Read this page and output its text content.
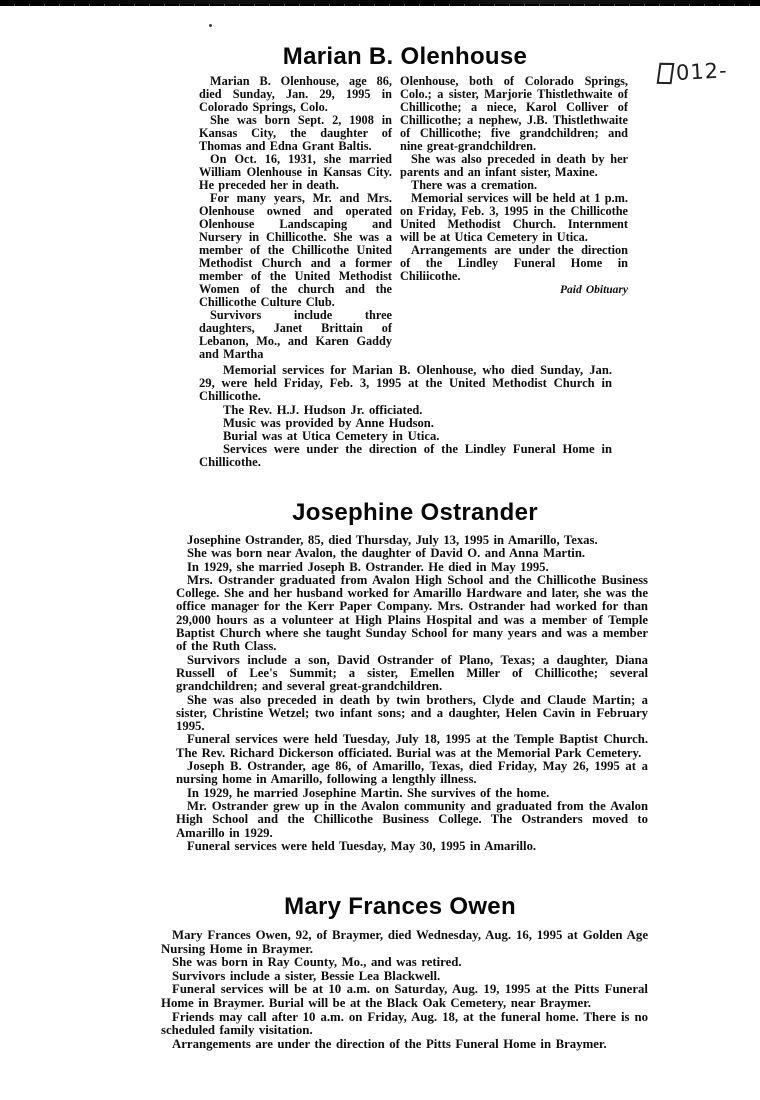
012-
Marian B. Olenhouse

Marian B. Olenhouse, age 86, died Sunday, Jan. 29, 1995 in Colorado Springs, Colo.

She was born Sept. 2, 1908 in Kansas City, the daughter of Thomas and Edna Grant Baltis.

On Oct. 16, 1931, she married William Olenhouse in Kansas City. He preceded her in death.

For many years, Mr. and Mrs. Olenhouse owned and operated Olenhouse Landscaping and Nursery in Chillicothe. She was a member of the Chillicothe United Methodist Church and a former member of the United Methodist Women of the church and the Chillicothe Culture Club.

Survivors include three daughters, Janet Brittain of Lebanon, Mo., and Karen Gaddy and Martha

Olenhouse, both of Colorado Springs, Colo.; a sister, Marjorie Thistlethwaite of Chillicothe; a niece, Karol Colliver of Chillicothe; a nephew, J.B. Thistlethwaite of Chillicothe; five grandchildren; and nine great-grandchildren.

She was also preceded in death by her parents and an infant sister, Maxine.

There was a cremation.

Memorial services will be held at 1 p.m. on Friday, Feb. 3, 1995 in the Chillicothe United Methodist Church. Internment will be at Utica Cemetery in Utica.

Arrangements are under the direction of the Lindley Funeral Home in Chiliicothe.

Paid Obituary

Memorial services for Marian B. Olenhouse, who died Sunday, Jan. 29, were held Friday, Feb. 3, 1995 at the United Methodist Church in Chillicothe.

The Rev. H.J. Hudson Jr. officiated.

Music was provided by Anne Hudson.

Burial was at Utica Cemetery in Utica.

Services were under the direction of the Lindley Funeral Home in Chillicothe.

Josephine Ostrander

Josephine Ostrander, 85, died Thursday, July 13, 1995 in Amarillo, Texas.

She was born near Avalon, the daughter of David O. and Anna Martin.

In 1929, she married Joseph B. Ostrander. He died in May 1995.

Mrs. Ostrander graduated from Avalon High School and the Chillicothe Business College. She and her husband worked for Amarillo Hardware and later, she was the office manager for the Kerr Paper Company. Mrs. Ostrander had worked for than 29,000 hours as a volunteer at High Plains Hospital and was a member of Temple Baptist Church where she taught Sunday School for many years and was a member of the Ruth Class.

Survivors include a son, David Ostrander of Plano, Texas; a daughter, Diana Russell of Lee's Summit; a sister, Emellen Miller of Chillicothe; several grandchildren; and several great-grandchildren.

She was also preceded in death by twin brothers, Clyde and Claude Martin; a sister, Christine Wetzel; two infant sons; and a daughter, Helen Cavin in February 1995.

Funeral services were held Tuesday, July 18, 1995 at the Temple Baptist Church. The Rev. Richard Dickerson officiated. Burial was at the Memorial Park Cemetery.

Joseph B. Ostrander, age 86, of Amarillo, Texas, died Friday, May 26, 1995 at a nursing home in Amarillo, following a lengthly illness.

In 1929, he married Josephine Martin. She survives of the home.

Mr. Ostrander grew up in the Avalon community and graduated from the Avalon High School and the Chillicothe Business College. The Ostranders moved to Amarillo in 1929.

Funeral services were held Tuesday, May 30, 1995 in Amarillo.

Mary Frances Owen

Mary Frances Owen, 92, of Braymer, died Wednesday, Aug. 16, 1995 at Golden Age Nursing Home in Braymer.

She was born in Ray County, Mo., and was retired.

Survivors include a sister, Bessie Lea Blackwell.

Funeral services will be at 10 a.m. on Saturday, Aug. 19, 1995 at the Pitts Funeral Home in Braymer. Burial will be at the Black Oak Cemetery, near Braymer.

Friends may call after 10 a.m. on Friday, Aug. 18, at the funeral home. There is no scheduled family visitation.

Arrangements are under the direction of the Pitts Funeral Home in Braymer.
